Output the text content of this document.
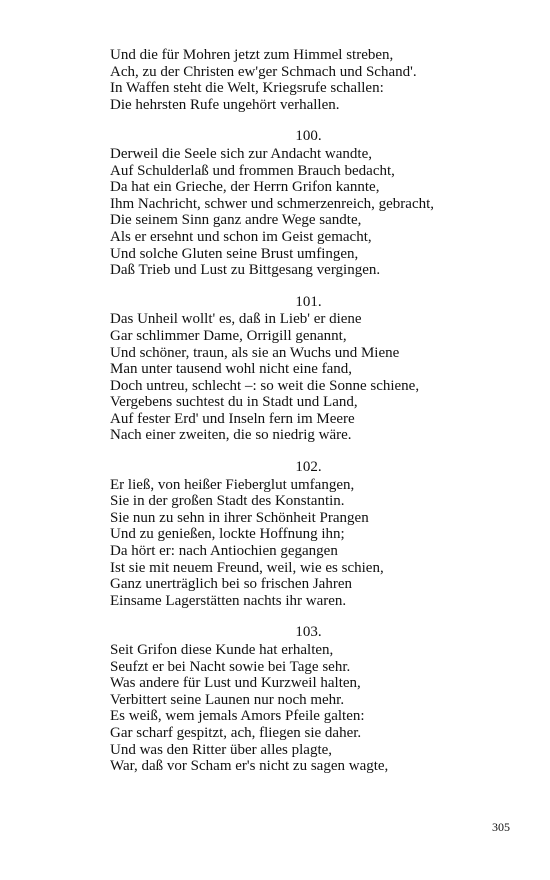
Und die für Mohren jetzt zum Himmel streben,

Ach, zu der Christen ew'ger Schmach und Schand'.

In Waffen steht die Welt, Kriegsrufe schallen:

Die hehrsten Rufe ungehört verhallen.

100.

Derweil die Seele sich zur Andacht wandte,

Auf Schulderlaß und frommen Brauch bedacht,

Da hat ein Grieche, der Herrn Grifon kannte,

Ihm Nachricht, schwer und schmerzenreich, gebracht,

Die seinem Sinn ganz andre Wege sandte,

Als er ersehnt und schon im Geist gemacht,

Und solche Gluten seine Brust umfingen,

Daß Trieb und Lust zu Bittgesang vergingen.

101.

Das Unheil wollt' es, daß in Lieb' er diene

Gar schlimmer Dame, Orrigill genannt,

Und schöner, traun, als sie an Wuchs und Miene

Man unter tausend wohl nicht eine fand,

Doch untreu, schlecht –: so weit die Sonne schiene,

Vergebens suchtest du in Stadt und Land,

Auf fester Erd' und Inseln fern im Meere

Nach einer zweiten, die so niedrig wäre.

102.

Er ließ, von heißer Fieberglut umfangen,

Sie in der großen Stadt des Konstantin.

Sie nun zu sehn in ihrer Schönheit Prangen

Und zu genießen, lockte Hoffnung ihn;

Da hört er: nach Antiochien gegangen

Ist sie mit neuem Freund, weil, wie es schien,

Ganz unerträglich bei so frischen Jahren

Einsame Lagerstätten nachts ihr waren.

103.

Seit Grifon diese Kunde hat erhalten,

Seufzt er bei Nacht sowie bei Tage sehr.

Was andere für Lust und Kurzweil halten,

Verbittert seine Launen nur noch mehr.

Es weiß, wem jemals Amors Pfeile galten:

Gar scharf gespitzt, ach, fliegen sie daher.

Und was den Ritter über alles plagte,

War, daß vor Scham er's nicht zu sagen wagte,

305
